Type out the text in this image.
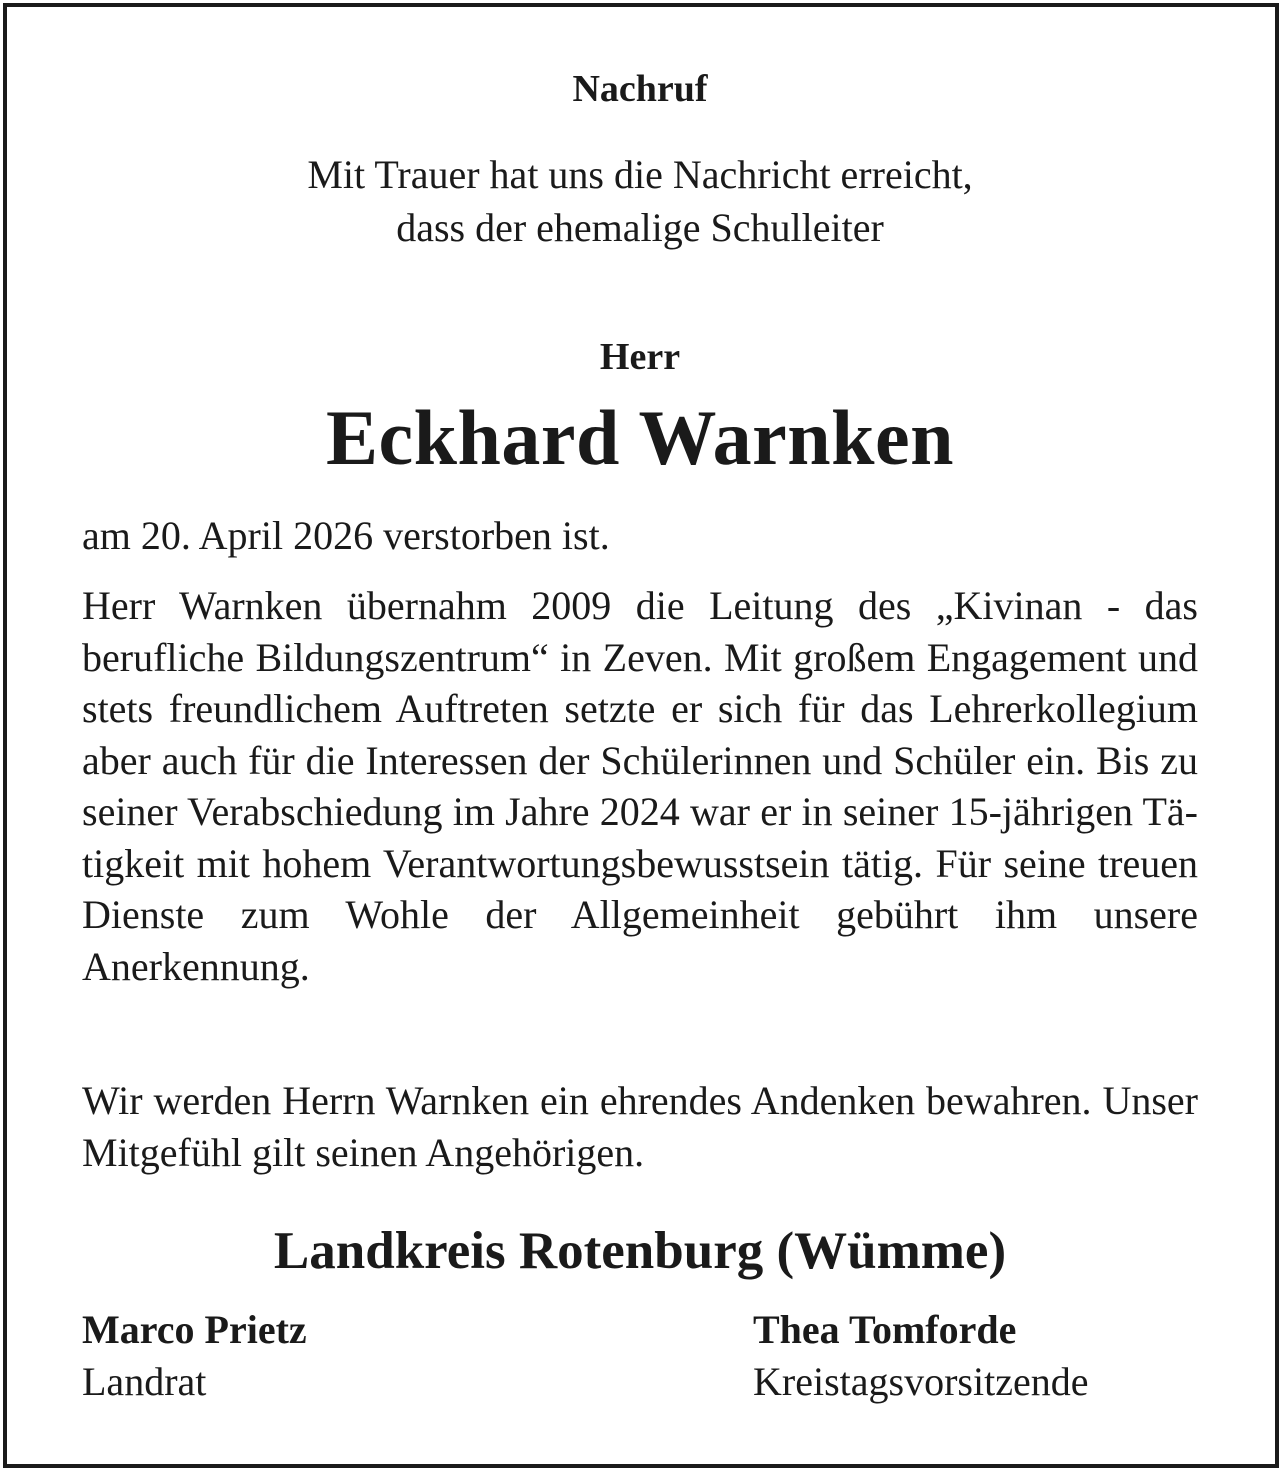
Nachruf
Mit Trauer hat uns die Nachricht erreicht,
dass der ehemalige Schulleiter
Herr
Eckhard Warnken
am 20. April 2026 verstorben ist.
Herr Warnken übernahm 2009 die Leitung des „Kivinan - das berufliche Bildungszentrum“ in Zeven. Mit großem Engagement und stets freundlichem Auftreten setzte er sich für das Lehrerkollegium aber auch für die Interessen der Schülerinnen und Schüler ein. Bis zu seiner Verabschiedung im Jahre 2024 war er in seiner 15-jährigen Tätigkeit mit hohem Verantwortungsbewusstsein tätig. Für seine treuen Dienste zum Wohle der Allgemeinheit gebührt ihm unsere Anerkennung.
Wir werden Herrn Warnken ein ehrendes Andenken bewahren. Unser Mitgefühl gilt seinen Angehörigen.
Landkreis Rotenburg (Wümme)
Marco Prietz
Landrat
Thea Tomforde
Kreistagsvorsitzende
